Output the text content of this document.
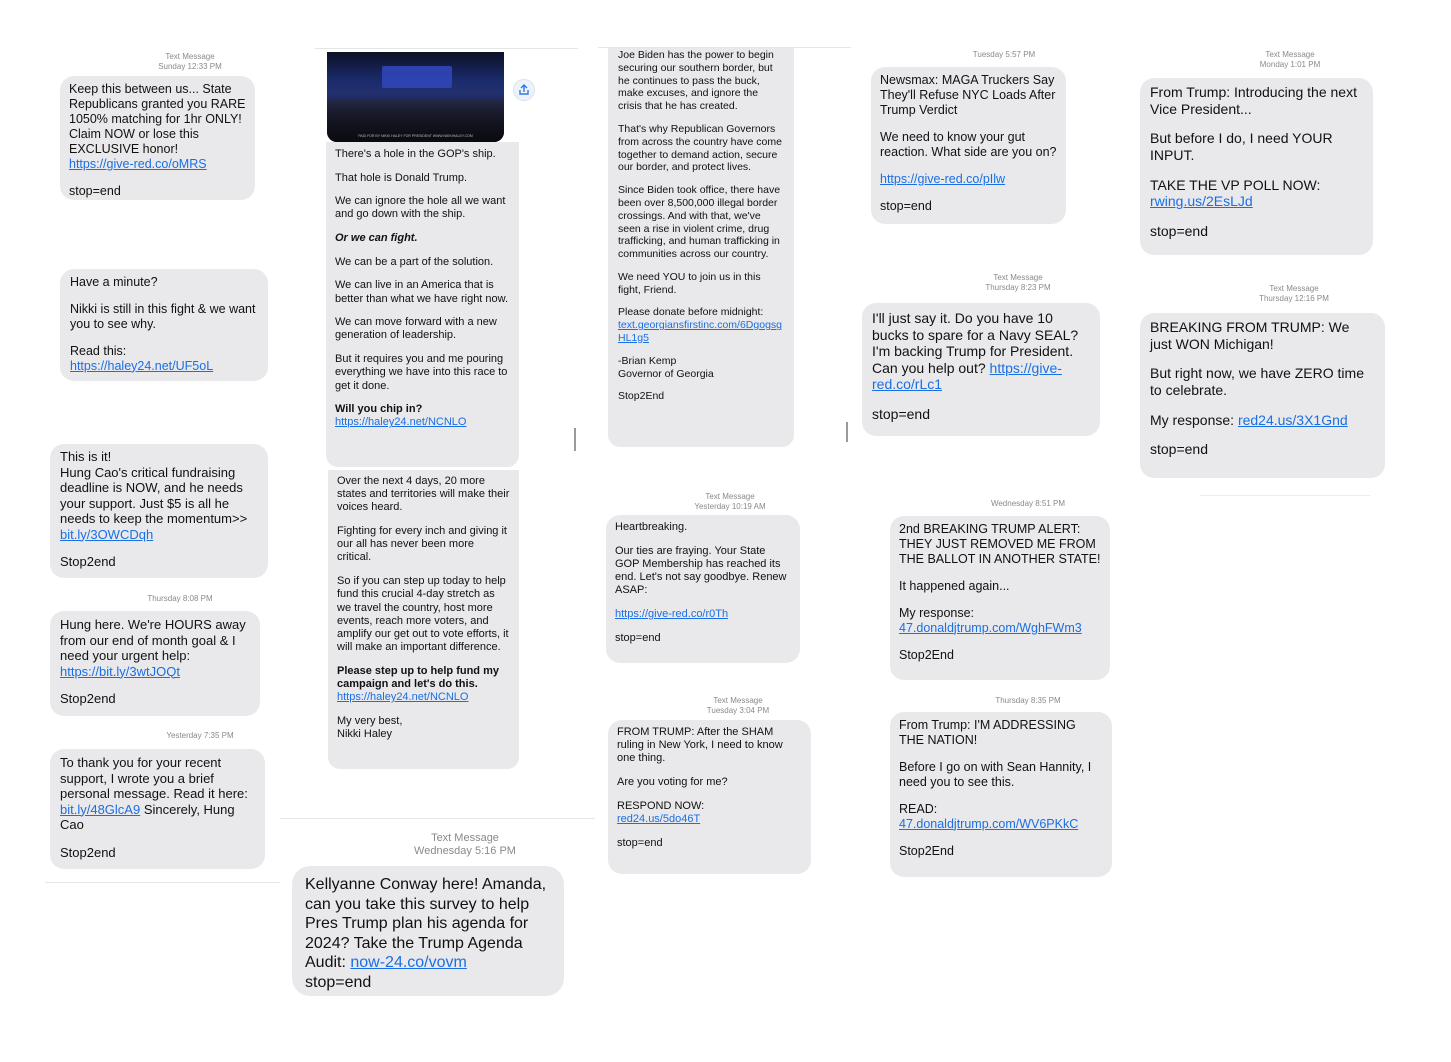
Text Message
Sunday 12:33 PM

Keep this between us... State Republicans granted you RARE 1050% matching for 1hr ONLY! Claim NOW or lose this EXCLUSIVE honor! https://give-red.co/oMRS

stop=end

Have a minute?

Nikki is still in this fight & we want you to see why.

Read this: https://haley24.net/UF5oL

This is it!
Hung Cao's critical fundraising deadline is NOW, and he needs your support. Just $5 is all he needs to keep the momentum>>
bit.ly/3OWCDqh

Stop2end

Thursday 8:08 PM

Hung here. We're HOURS away from our end of month goal & I need your urgent help: https://bit.ly/3wtJOQt

Stop2end

Yesterday 7:35 PM

To thank you for your recent support, I wrote you a brief personal message. Read it here: bit.ly/48GlcA9 Sincerely, Hung Cao

Stop2end

PAID FOR BY NIKKI HALEY FOR PRESIDENT WWW.NIKKIHALEY.COM

There's a hole in the GOP's ship.

That hole is Donald Trump.

We can ignore the hole all we want and go down with the ship.

Or we can fight.

We can be a part of the solution.

We can live in an America that is better than what we have right now.

We can move forward with a new generation of leadership.

But it requires you and me pouring everything we have into this race to get it done.

Will you chip in? https://haley24.net/NCNLO

Over the next 4 days, 20 more states and territories will make their voices heard.

Fighting for every inch and giving it our all has never been more critical.

So if you can step up today to help fund this crucial 4-day stretch as we travel the country, host more events, reach more voters, and amplify our get out to vote efforts, it will make an important difference.

Please step up to help fund my campaign and let's do this. https://haley24.net/NCNLO

My very best,
Nikki Haley

Text Message
Wednesday 5:16 PM

Kellyanne Conway here! Amanda, can you take this survey to help Pres Trump plan his agenda for 2024? Take the Trump Agenda Audit: now-24.co/vovm
stop=end

Joe Biden has the power to begin securing our southern border, but he continues to pass the buck, make excuses, and ignore the crisis that he has created.

That's why Republican Governors from across the country have come together to demand action, secure our border, and protect lives.

Since Biden took office, there have been over 8,500,000 illegal border crossings. And with that, we've seen a rise in violent crime, drug trafficking, and human trafficking in communities across our country.

We need YOU to join us in this fight, Friend.

Please donate before midnight:
text.georgiansfirstinc.com/6DgogsgHL1g5

-Brian Kemp
Governor of Georgia

Stop2End

Text Message
Yesterday 10:19 AM

Heartbreaking.

Our ties are fraying. Your State GOP Membership has reached its end. Let's not say goodbye. Renew ASAP:

https://give-red.co/r0Th

stop=end

Text Message
Tuesday 3:04 PM

FROM TRUMP: After the SHAM ruling in New York, I need to know one thing.

Are you voting for me?

RESPOND NOW:
red24.us/5do46T

stop=end

Tuesday 5:57 PM

Newsmax: MAGA Truckers Say They'll Refuse NYC Loads After Trump Verdict

We need to know your gut reaction. What side are you on?

https://give-red.co/pIlw

stop=end

Text Message
Thursday 8:23 PM

I'll just say it. Do you have 10 bucks to spare for a Navy SEAL? I'm backing Trump for President. Can you help out? https://give-red.co/rLc1

stop=end

Wednesday 8:51 PM

2nd BREAKING TRUMP ALERT: THEY JUST REMOVED ME FROM THE BALLOT IN ANOTHER STATE!

It happened again...

My response:
47.donaldjtrump.com/WghFWm3

Stop2End

Thursday 8:35 PM

From Trump: I'M ADDRESSING THE NATION!

Before I go on with Sean Hannity, I need you to see this.

READ: 47.donaldjtrump.com/WV6PKkC

Stop2End

Text Message
Monday 1:01 PM

From Trump: Introducing the next Vice President...

But before I do, I need YOUR INPUT.

TAKE THE VP POLL NOW:
rwing.us/2EsLJd

stop=end

Text Message
Thursday 12:16 PM

BREAKING FROM TRUMP: We just WON Michigan!

But right now, we have ZERO time to celebrate.

My response: red24.us/3X1Gnd

stop=end
